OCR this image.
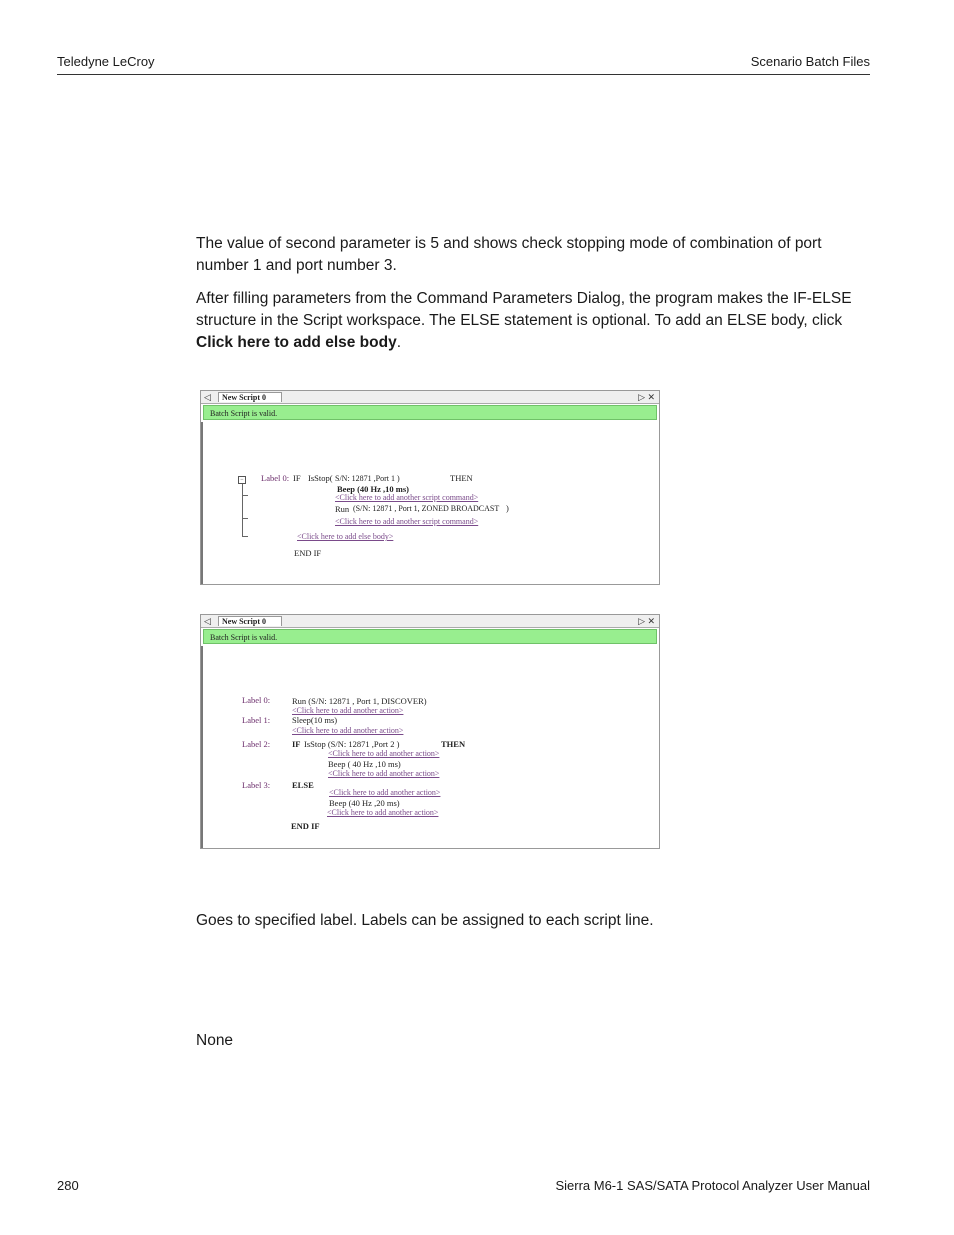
Teledyne LeCroy	Scenario Batch Files

The value of second parameter is 5 and shows check stopping mode of combination of port number 1 and port number 3.

After filling parameters from the Command Parameters Dialog, the program makes the IF-ELSE structure in the Script workspace. The ELSE statement is optional. To add an ELSE body, click Click here to add else body.

◁	New Script 0	▷ ✕
Batch Script is valid.
− Label 0: IF IsStop( S/N: 12871 ,Port 1 )	THEN
Beep (40 Hz ,10 ms)
<Click here to add another script command>
Run (S/N: 12871 , Port 1, ZONED BROADCAST )
<Click here to add another script command>
<Click here to add else body>
END IF
◁	New Script 0	▷ ✕
Batch Script is valid.
Label 0:	Run (S/N: 12871 , Port 1, DISCOVER)
<Click here to add another action>
Label 1:	Sleep(10 ms)
<Click here to add another action>
Label 2:	IF IsStop (S/N: 12871 ,Port 2 )	THEN
<Click here to add another action>
Beep ( 40 Hz ,10 ms)
<Click here to add another action>
Label 3:	ELSE
<Click here to add another action>
Beep (40 Hz ,20 ms)
<Click here to add another action>
END IF

Goes to specified label. Labels can be assigned to each script line.

None

280	Sierra M6-1 SAS/SATA Protocol Analyzer User Manual
